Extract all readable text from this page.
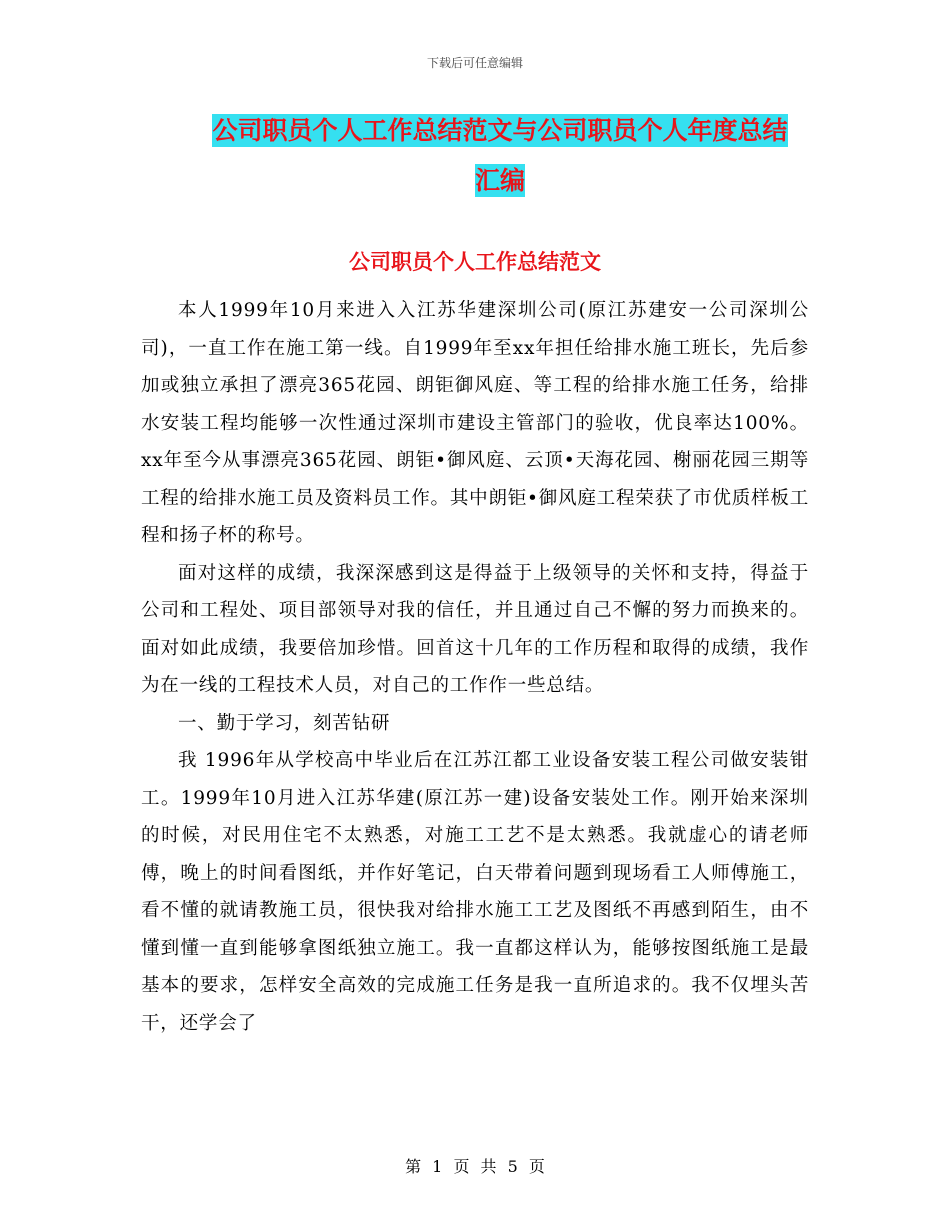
下载后可任意编辑
公司职员个人工作总结范文与公司职员个人年度总结
汇编
公司职员个人工作总结范文

本人1999年10月来进入入江苏华建深圳公司(原江苏建安一公司深圳公司)，一直工作在施工第一线。自1999年至xx年担任给排水施工班长，先后参加或独立承担了漂亮365花园、朗钜御风庭、等工程的给排水施工任务，给排水安装工程均能够一次性通过深圳市建设主管部门的验收，优良率达100%。 xx年至今从事漂亮365花园、朗钜•御风庭、云顶•天海花园、榭丽花园三期等工程的给排水施工员及资料员工作。其中朗钜•御风庭工程荣获了市优质样板工程和扬子杯的称号。

面对这样的成绩，我深深感到这是得益于上级领导的关怀和支持，得益于公司和工程处、项目部领导对我的信任，并且通过自己不懈的努力而换来的。面对如此成绩，我要倍加珍惜。回首这十几年的工作历程和取得的成绩，我作为在一线的工程技术人员，对自己的工作作一些总结。

一、勤于学习，刻苦钻研

我 1996年从学校高中毕业后在江苏江都工业设备安装工程公司做安装钳工。1999年10月进入江苏华建(原江苏一建)设备安装处工作。刚开始来深圳的时候，对民用住宅不太熟悉，对施工工艺不是太熟悉。我就虚心的请老师傅，晚上的时间看图纸，并作好笔记，白天带着问题到现场看工人师傅施工，看不懂的就请教施工员，很快我对给排水施工工艺及图纸不再感到陌生，由不懂到懂一直到能够拿图纸独立施工。我一直都这样认为，能够按图纸施工是最基本的要求，怎样安全高效的完成施工任务是我一直所追求的。我不仅埋头苦干，还学会了

第 1 页 共 5 页
